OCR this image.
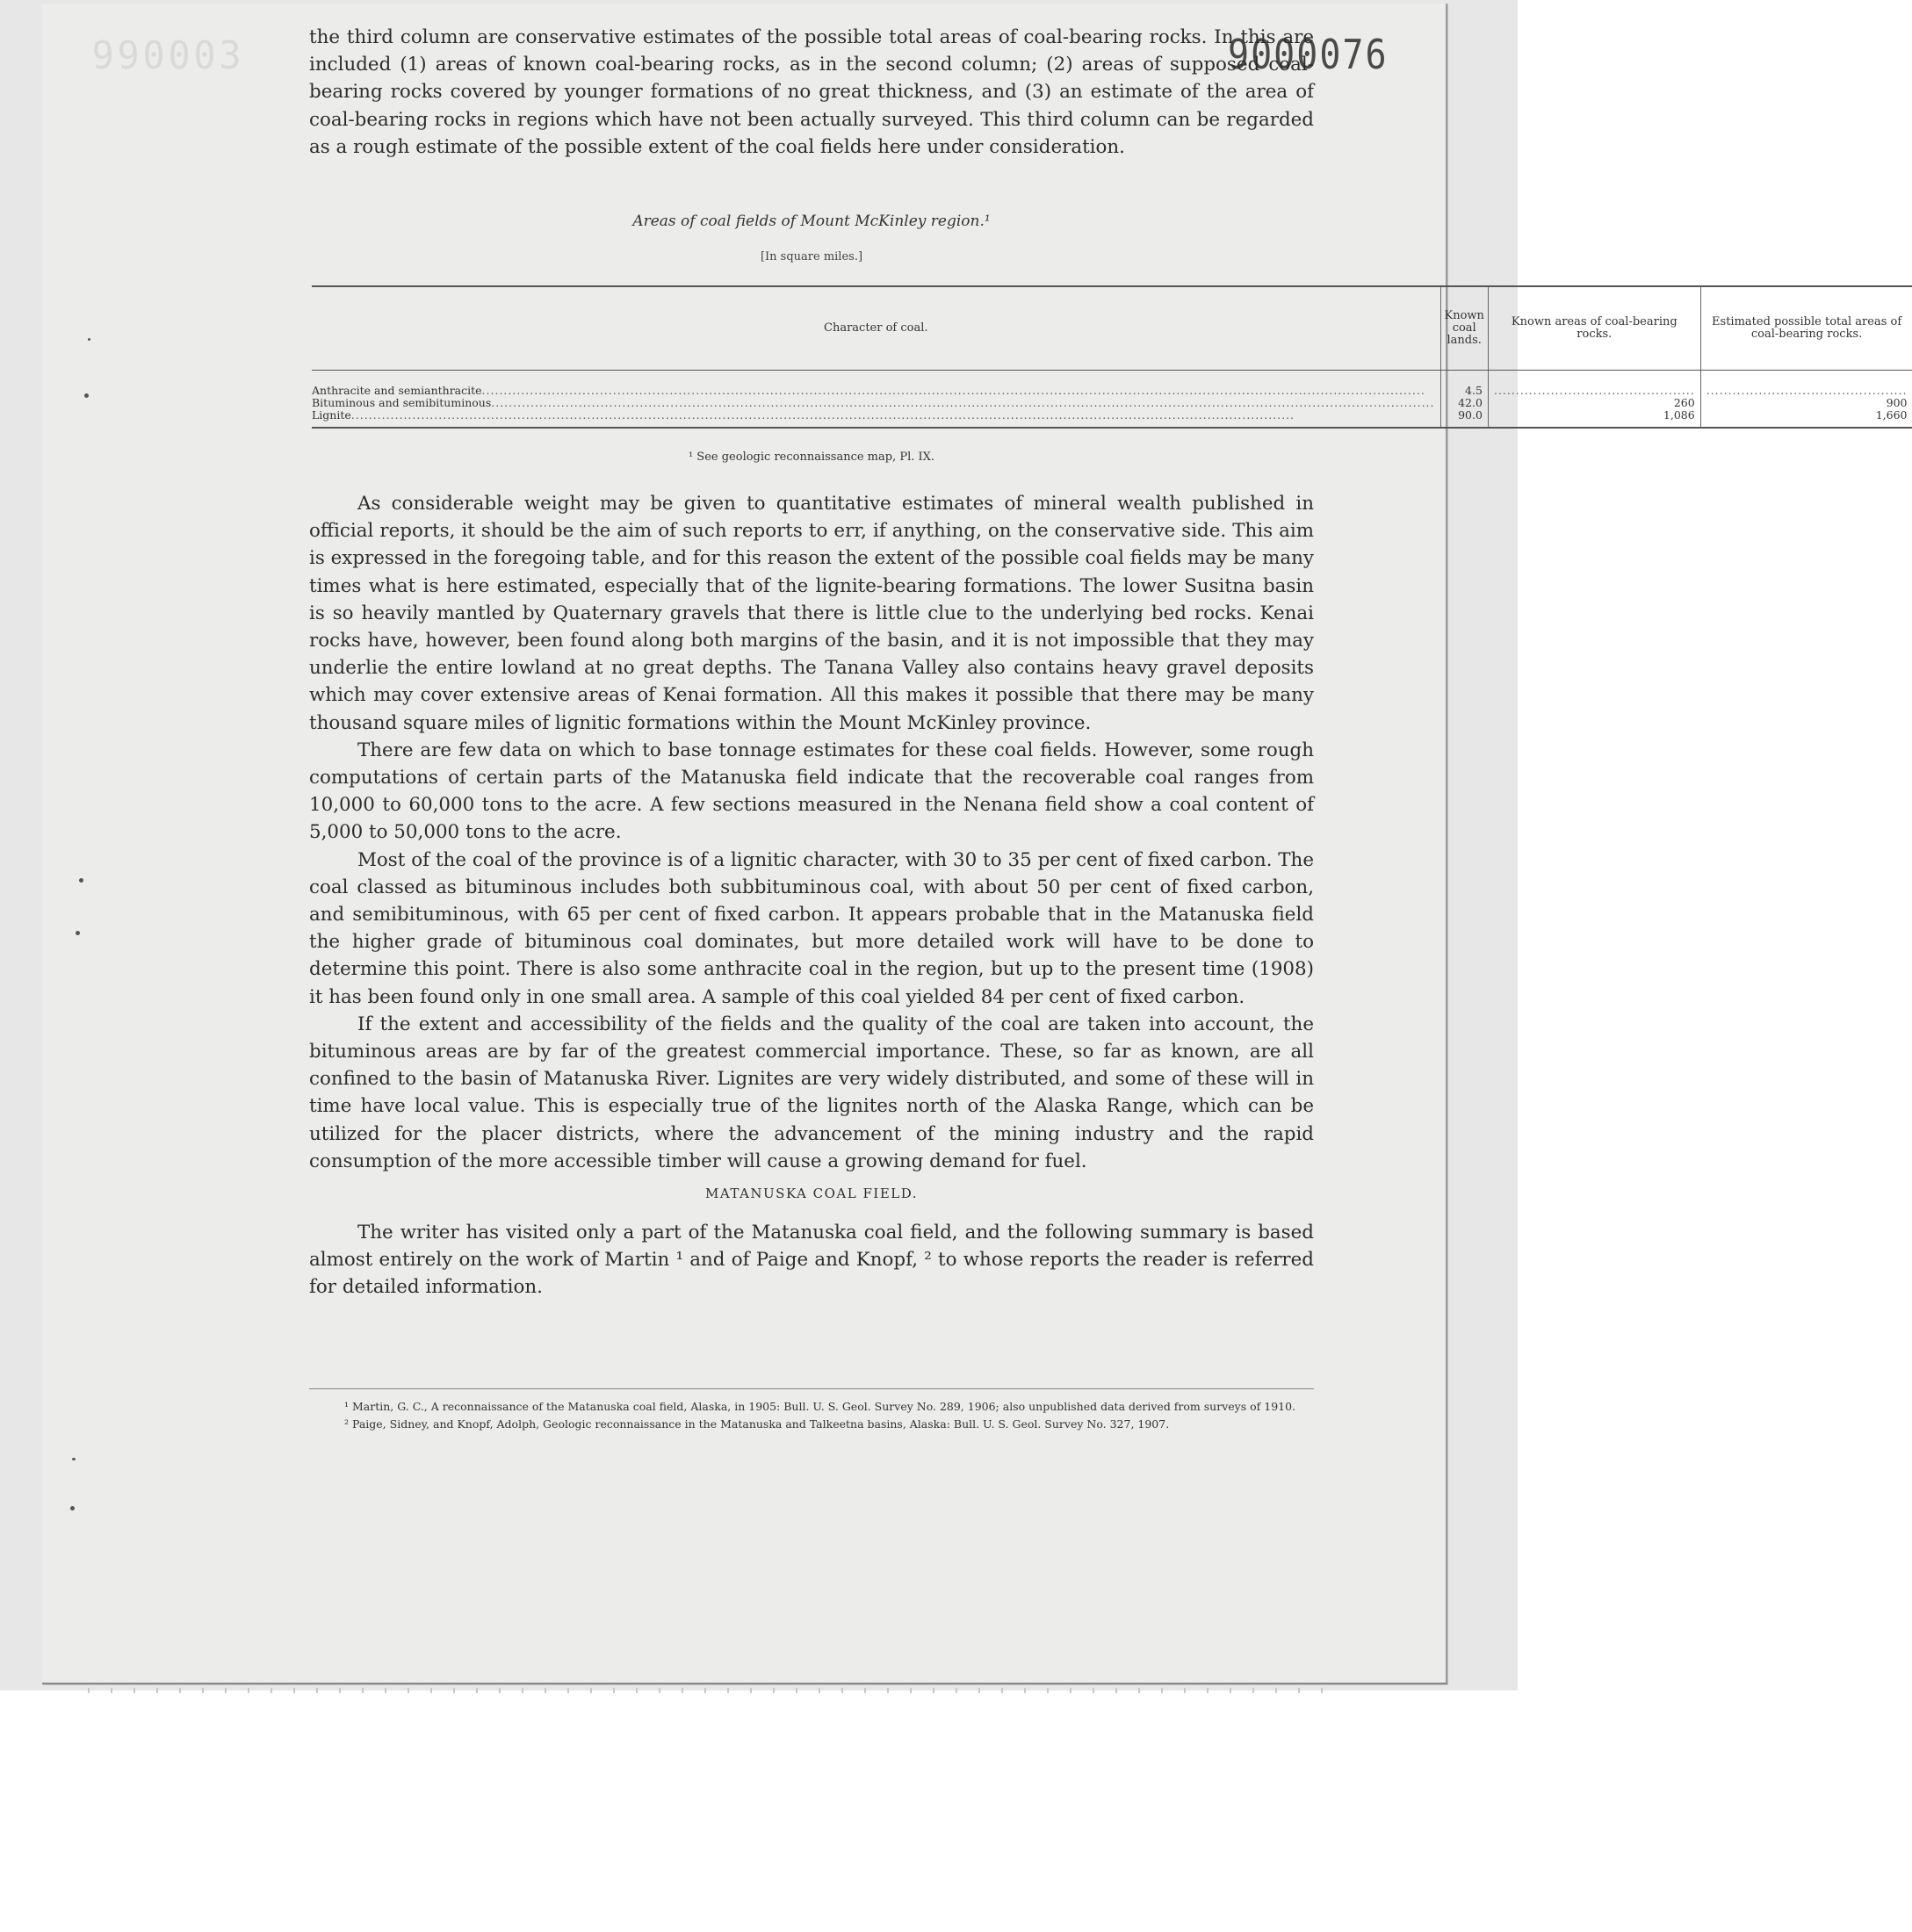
990003	9000076

the third column are conservative estimates of the possible total areas of coal-bearing rocks. In this are included (1) areas of known coal-bearing rocks, as in the second column; (2) areas of supposed coal-bearing rocks covered by younger formations of no great thickness, and (3) an estimate of the area of coal-bearing rocks in regions which have not been actually surveyed. This third column can be regarded as a rough estimate of the possible extent of the coal fields here under consideration.

Areas of coal fields of Mount McKinley region.¹
[In square miles.]
Character of coal.	Known coal lands.	Known areas of coal-bearing rocks.	Estimated possible total areas of coal-bearing rocks.

Anthracite and semianthracite ........................................................................................................................................................................................................................	4.5	..............................................	..............................................

Bituminous and semibituminous ........................................................................................................................................................................................................................	42.0	260	900

Lignite ........................................................................................................................................................................................................................	90.0	1,086	1,660
¹ See geologic reconnaissance map, Pl. IX.

As considerable weight may be given to quantitative estimates of mineral wealth published in official reports, it should be the aim of such reports to err, if anything, on the conservative side. This aim is expressed in the foregoing table, and for this reason the extent of the possible coal fields may be many times what is here estimated, especially that of the lignite-bearing formations. The lower Susitna basin is so heavily mantled by Quaternary gravels that there is little clue to the underlying bed rocks. Kenai rocks have, however, been found along both margins of the basin, and it is not impossible that they may underlie the entire lowland at no great depths. The Tanana Valley also contains heavy gravel deposits which may cover extensive areas of Kenai formation. All this makes it possible that there may be many thousand square miles of lignitic formations within the Mount McKinley province.

There are few data on which to base tonnage estimates for these coal fields. However, some rough computations of certain parts of the Matanuska field indicate that the recoverable coal ranges from 10,000 to 60,000 tons to the acre. A few sections measured in the Nenana field show a coal content of 5,000 to 50,000 tons to the acre.

Most of the coal of the province is of a lignitic character, with 30 to 35 per cent of fixed carbon. The coal classed as bituminous includes both subbituminous coal, with about 50 per cent of fixed carbon, and semibituminous, with 65 per cent of fixed carbon. It appears probable that in the Matanuska field the higher grade of bituminous coal dominates, but more detailed work will have to be done to determine this point. There is also some anthracite coal in the region, but up to the present time (1908) it has been found only in one small area. A sample of this coal yielded 84 per cent of fixed carbon.

If the extent and accessibility of the fields and the quality of the coal are taken into account, the bituminous areas are by far of the greatest commercial importance. These, so far as known, are all confined to the basin of Matanuska River. Lignites are very widely distributed, and some of these will in time have local value. This is especially true of the lignites north of the Alaska Range, which can be utilized for the placer districts, where the advancement of the mining industry and the rapid consumption of the more accessible timber will cause a growing demand for fuel.

MATANUSKA COAL FIELD.

The writer has visited only a part of the Matanuska coal field, and the following summary is based almost entirely on the work of Martin ¹ and of Paige and Knopf, ² to whose reports the reader is referred for detailed information.

¹ Martin, G. C., A reconnaissance of the Matanuska coal field, Alaska, in 1905: Bull. U. S. Geol. Survey No. 289, 1906; also unpublished data derived from surveys of 1910.

² Paige, Sidney, and Knopf, Adolph, Geologic reconnaissance in the Matanuska and Talkeetna basins, Alaska: Bull. U. S. Geol. Survey No. 327, 1907.
